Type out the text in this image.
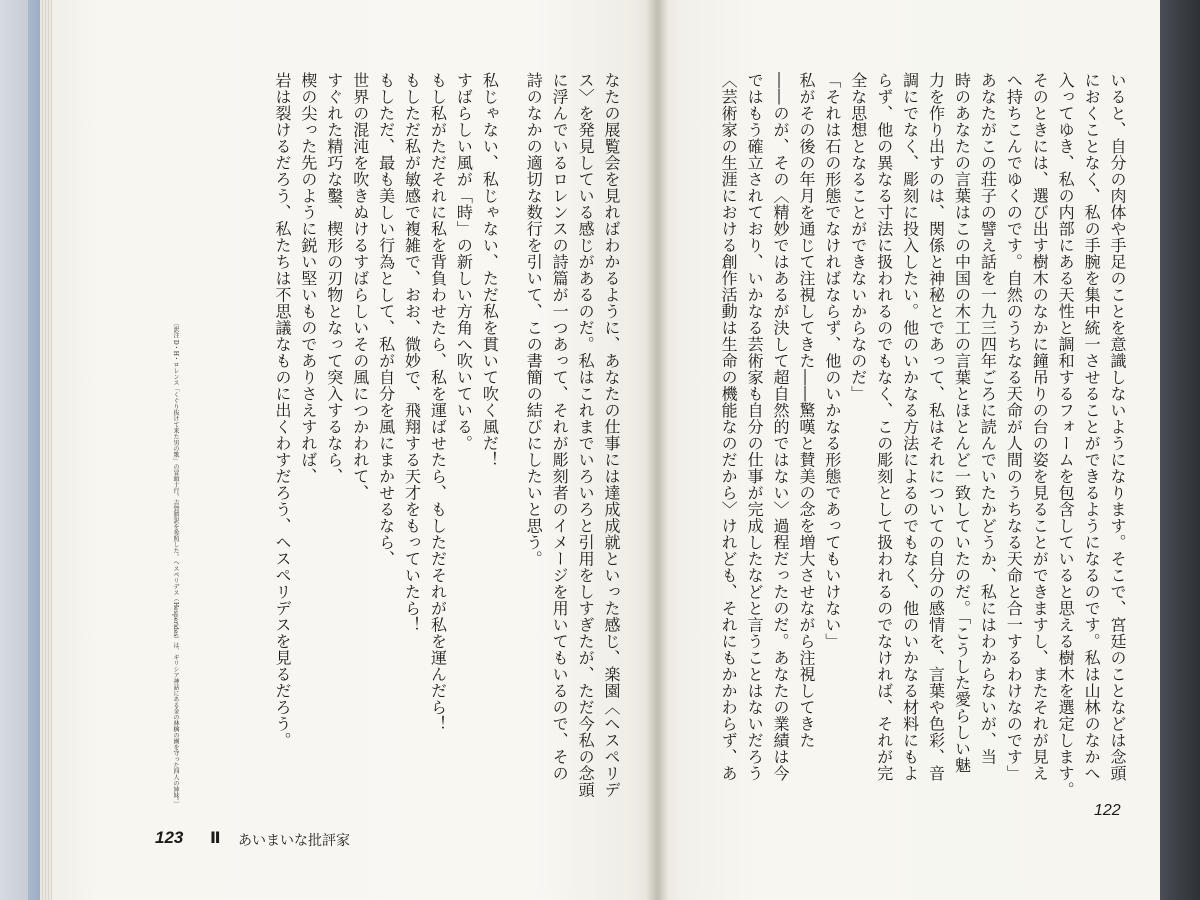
いると、自分の肉体や手足のことを意識しないようになります。そこで、宮廷のことなどは念頭
におくことなく、私の手腕を集中統一させることができるようになるのです。私は山林のなかへ
入ってゆき、私の内部にある天性と調和するフォームを包含していると思える樹木を選定します。
そのときには、選び出す樹木のなかに鐘吊りの台の姿を見ることができますし、またそれが見え
へ持ちこんでゆくのです。自然のうちなる天命が人間のうちなる天命と合一するわけなのです」
あなたがこの荘子の譬え話を一九三四年ごろに読んでいたかどうか、私にはわからないが、当
時のあなたの言葉はこの中国の木工の言葉とほとんど一致していたのだ。「こうした愛らしい魅
力を作り出すのは、関係と神秘とであって、私はそれについての自分の感情を、言葉や色彩、音
調にでなく、彫刻に投入したい。他のいかなる方法によるのでもなく、他のいかなる材料にもよ
らず、他の異なる寸法に扱われるのでもなく、この彫刻として扱われるのでなければ、それが完
全な思想となることができないからなのだ」
「それは石の形態でなければならず、他のいかなる形態であってもいけない」
私がその後の年月を通じて注視してきた――驚嘆と賛美の念を増大させながら注視してきた
――のが、その〈精妙ではあるが決して超自然的ではない〉過程だったのだ。あなたの業績は今
ではもう確立されており、いかなる芸術家も自分の仕事が完成したなどと言うことはないだろう
〈芸術家の生涯における創作活動は生命の機能なのだから〉けれども、それにもかかわらず、あ
なたの展覧会を見ればわかるように、あなたの仕事には達成成就といった感じ、楽園〈ヘスペリデ
ス〉を発見している感じがあるのだ。私はこれまでいろいろと引用をしすぎたが、ただ今私の念頭
に浮んでいるロレンスの詩篇が一つあって、それが彫刻者のイメージを用いてもいるので、その
詩のなかの適切な数行を引いて、この書簡の結びにしたいと思う。
私じゃない、私じゃない、ただ私を貫いて吹く風だ！
すばらしい風が「時」の新しい方角へ吹いている。
もし私がただそれに私を背負わせたら、私を運ばせたら、もしただそれが私を運んだら！
もしただ私が敏感で複雑で、おお、微妙で、飛翔する天才をもっていたら！
もしただ、最も美しい行為として、私が自分を風にまかせるなら、
世界の混沌を吹きぬけるすばらしいその風につかわれて、
すぐれた精巧な鑿、楔形の刃物となって突入するなら、
楔の尖った先のように鋭い堅いものでありさえすれば、
岩は裂けるだろう、私たちは不思議なものに出くわすだろう、ヘスペリデスを見るだろう。
〔訳注 D・H・ロレンス「くぐり抜けて来た男の歌」の冒頭十行。吉賀勝訳を参照した。ヘスペリデス（Hesperides）は、ギリシア神話にある金の林檎の園を守った四人の姉妹。〕
123 Ⅱ あいまいな批評家
122
